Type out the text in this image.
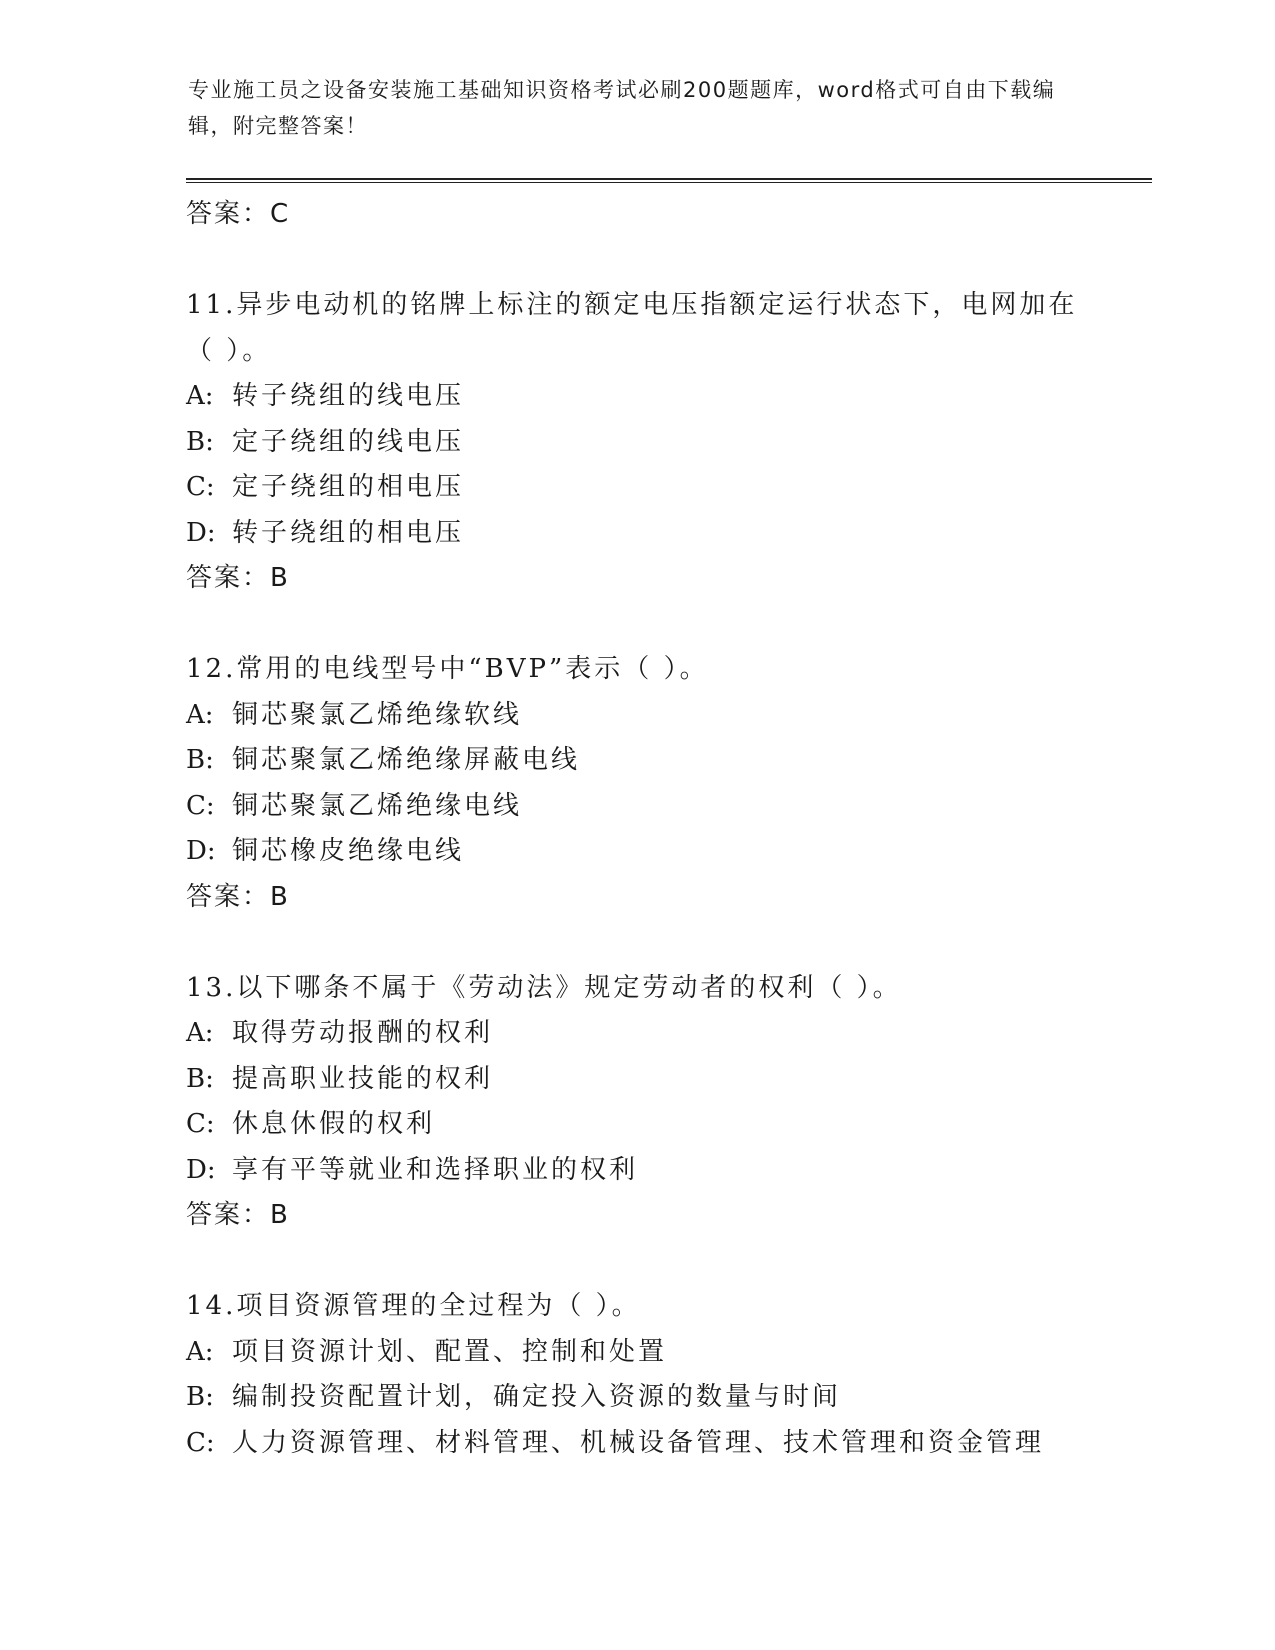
专业施工员之设备安装施工基础知识资格考试必刷200题题库，word格式可自由下载编辑，附完整答案！
答案：C
11.异步电动机的铭牌上标注的额定电压指额定运行状态下，电网加在
（ ）。
A: 转子绕组的线电压
B: 定子绕组的线电压
C: 定子绕组的相电压
D: 转子绕组的相电压
答案：B
12.常用的电线型号中“BVP”表示（ ）。
A: 铜芯聚氯乙烯绝缘软线
B: 铜芯聚氯乙烯绝缘屏蔽电线
C: 铜芯聚氯乙烯绝缘电线
D: 铜芯橡皮绝缘电线
答案：B
13.以下哪条不属于《劳动法》规定劳动者的权利（ ）。
A: 取得劳动报酬的权利
B: 提高职业技能的权利
C: 休息休假的权利
D: 享有平等就业和选择职业的权利
答案：B
14.项目资源管理的全过程为（ ）。
A: 项目资源计划、配置、控制和处置
B: 编制投资配置计划，确定投入资源的数量与时间
C: 人力资源管理、材料管理、机械设备管理、技术管理和资金管理
